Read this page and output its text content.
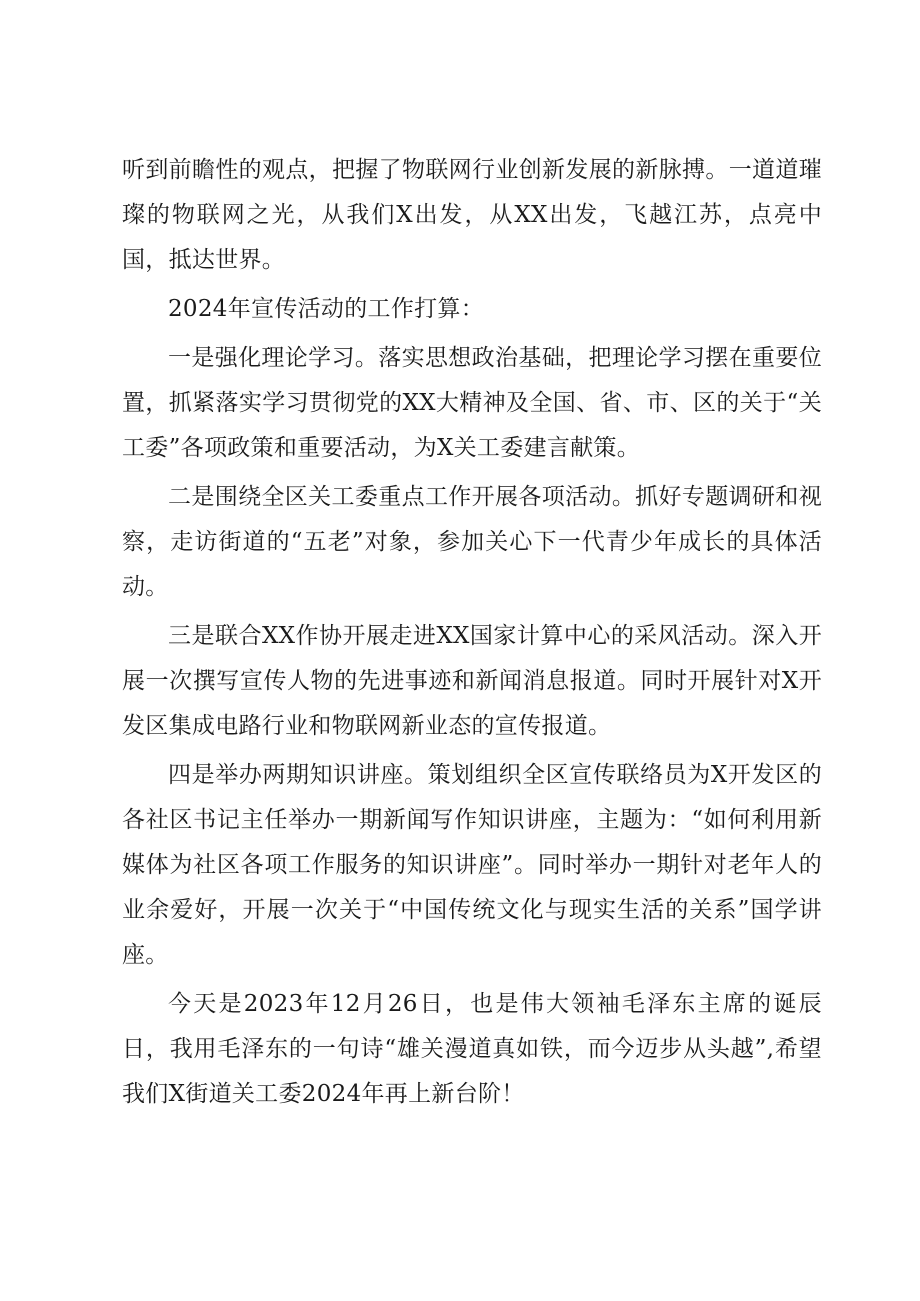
听到前瞻性的观点，把握了物联网行业创新发展的新脉搏。一道道璀璨的物联网之光，从我们X出发，从XX出发，飞越江苏，点亮中国，抵达世界。

2024年宣传活动的工作打算：

一是强化理论学习。落实思想政治基础，把理论学习摆在重要位置，抓紧落实学习贯彻党的XX大精神及全国、省、市、区的关于“关工委”各项政策和重要活动，为X关工委建言献策。

二是围绕全区关工委重点工作开展各项活动。抓好专题调研和视察，走访街道的“五老”对象，参加关心下一代青少年成长的具体活动。

三是联合XX作协开展走进XX国家计算中心的采风活动。深入开展一次撰写宣传人物的先进事迹和新闻消息报道。同时开展针对X开发区集成电路行业和物联网新业态的宣传报道。

四是举办两期知识讲座。策划组织全区宣传联络员为X开发区的各社区书记主任举办一期新闻写作知识讲座，主题为：“如何利用新媒体为社区各项工作服务的知识讲座”。同时举办一期针对老年人的业余爱好，开展一次关于“中国传统文化与现实生活的关系”国学讲座。

今天是2023年12月26日，也是伟大领袖毛泽东主席的诞辰日，我用毛泽东的一句诗“雄关漫道真如铁，而今迈步从头越”,希望我们X街道关工委2024年再上新台阶！
